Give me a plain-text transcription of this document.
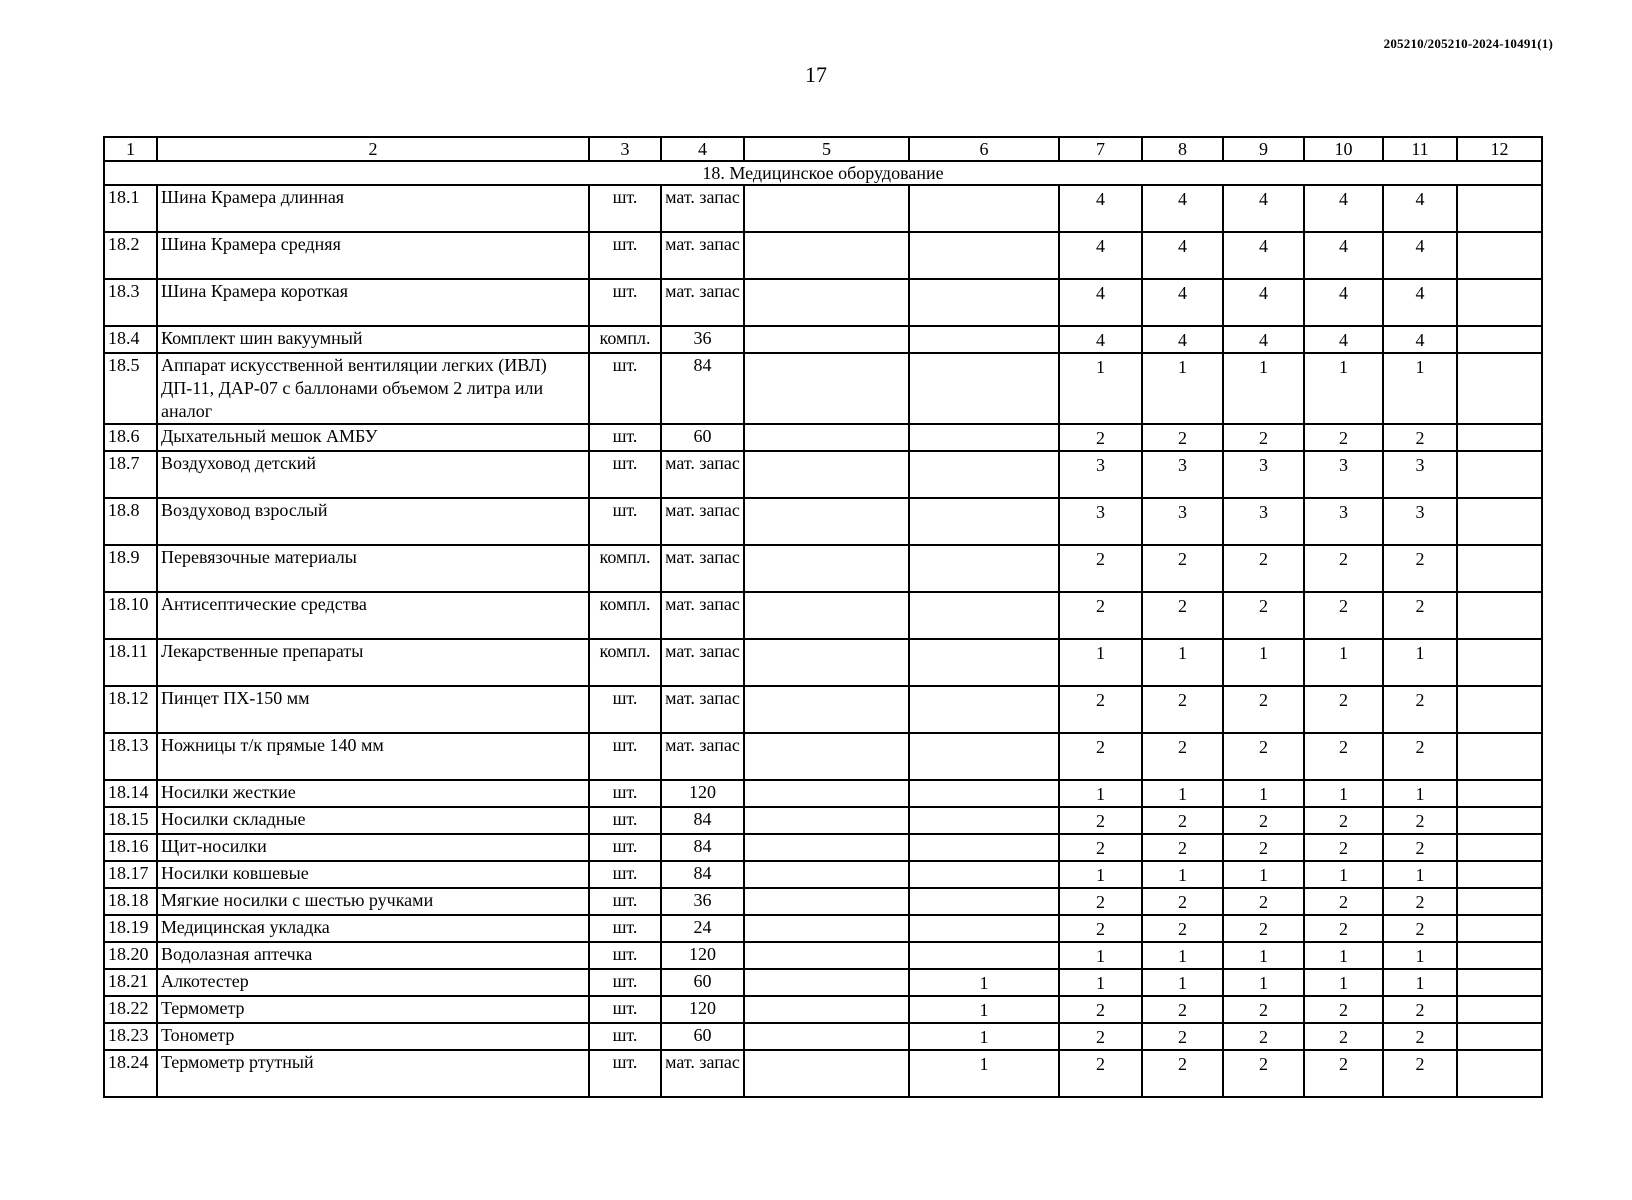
205210/205210-2024-10491(1)
17
1	2	3	4	5	6	7	8	9	10	11	12
18. Медицинское оборудование											
18.1	Шина Крамера длинная	шт.	мат. запас			4	4	4	4	4	
18.2	Шина Крамера средняя	шт.	мат. запас			4	4	4	4	4	
18.3	Шина Крамера короткая	шт.	мат. запас			4	4	4	4	4	
18.4	Комплект шин вакуумный	компл.	36			4	4	4	4	4	
18.5	Аппарат искусственной вентиляции легких (ИВЛ) ДП-11, ДАР-07 с баллонами объемом 2 литра или аналог	шт.	84			1	1	1	1	1	
18.6	Дыхательный мешок АМБУ	шт.	60			2	2	2	2	2	
18.7	Воздуховод детский	шт.	мат. запас			3	3	3	3	3	
18.8	Воздуховод взрослый	шт.	мат. запас			3	3	3	3	3	
18.9	Перевязочные материалы	компл.	мат. запас			2	2	2	2	2	
18.10	Антисептические средства	компл.	мат. запас			2	2	2	2	2	
18.11	Лекарственные препараты	компл.	мат. запас			1	1	1	1	1	
18.12	Пинцет ПХ-150 мм	шт.	мат. запас			2	2	2	2	2	
18.13	Ножницы т/к прямые 140 мм	шт.	мат. запас			2	2	2	2	2	
18.14	Носилки жесткие	шт.	120			1	1	1	1	1	
18.15	Носилки складные	шт.	84			2	2	2	2	2	
18.16	Щит-носилки	шт.	84			2	2	2	2	2	
18.17	Носилки ковшевые	шт.	84			1	1	1	1	1	
18.18	Мягкие носилки с шестью ручками	шт.	36			2	2	2	2	2	
18.19	Медицинская укладка	шт.	24			2	2	2	2	2	
18.20	Водолазная аптечка	шт.	120			1	1	1	1	1	
18.21	Алкотестер	шт.	60		1	1	1	1	1	1	
18.22	Термометр	шт.	120		1	2	2	2	2	2	
18.23	Тонометр	шт.	60		1	2	2	2	2	2	
18.24	Термометр ртутный	шт.	мат. запас		1	2	2	2	2	2	
